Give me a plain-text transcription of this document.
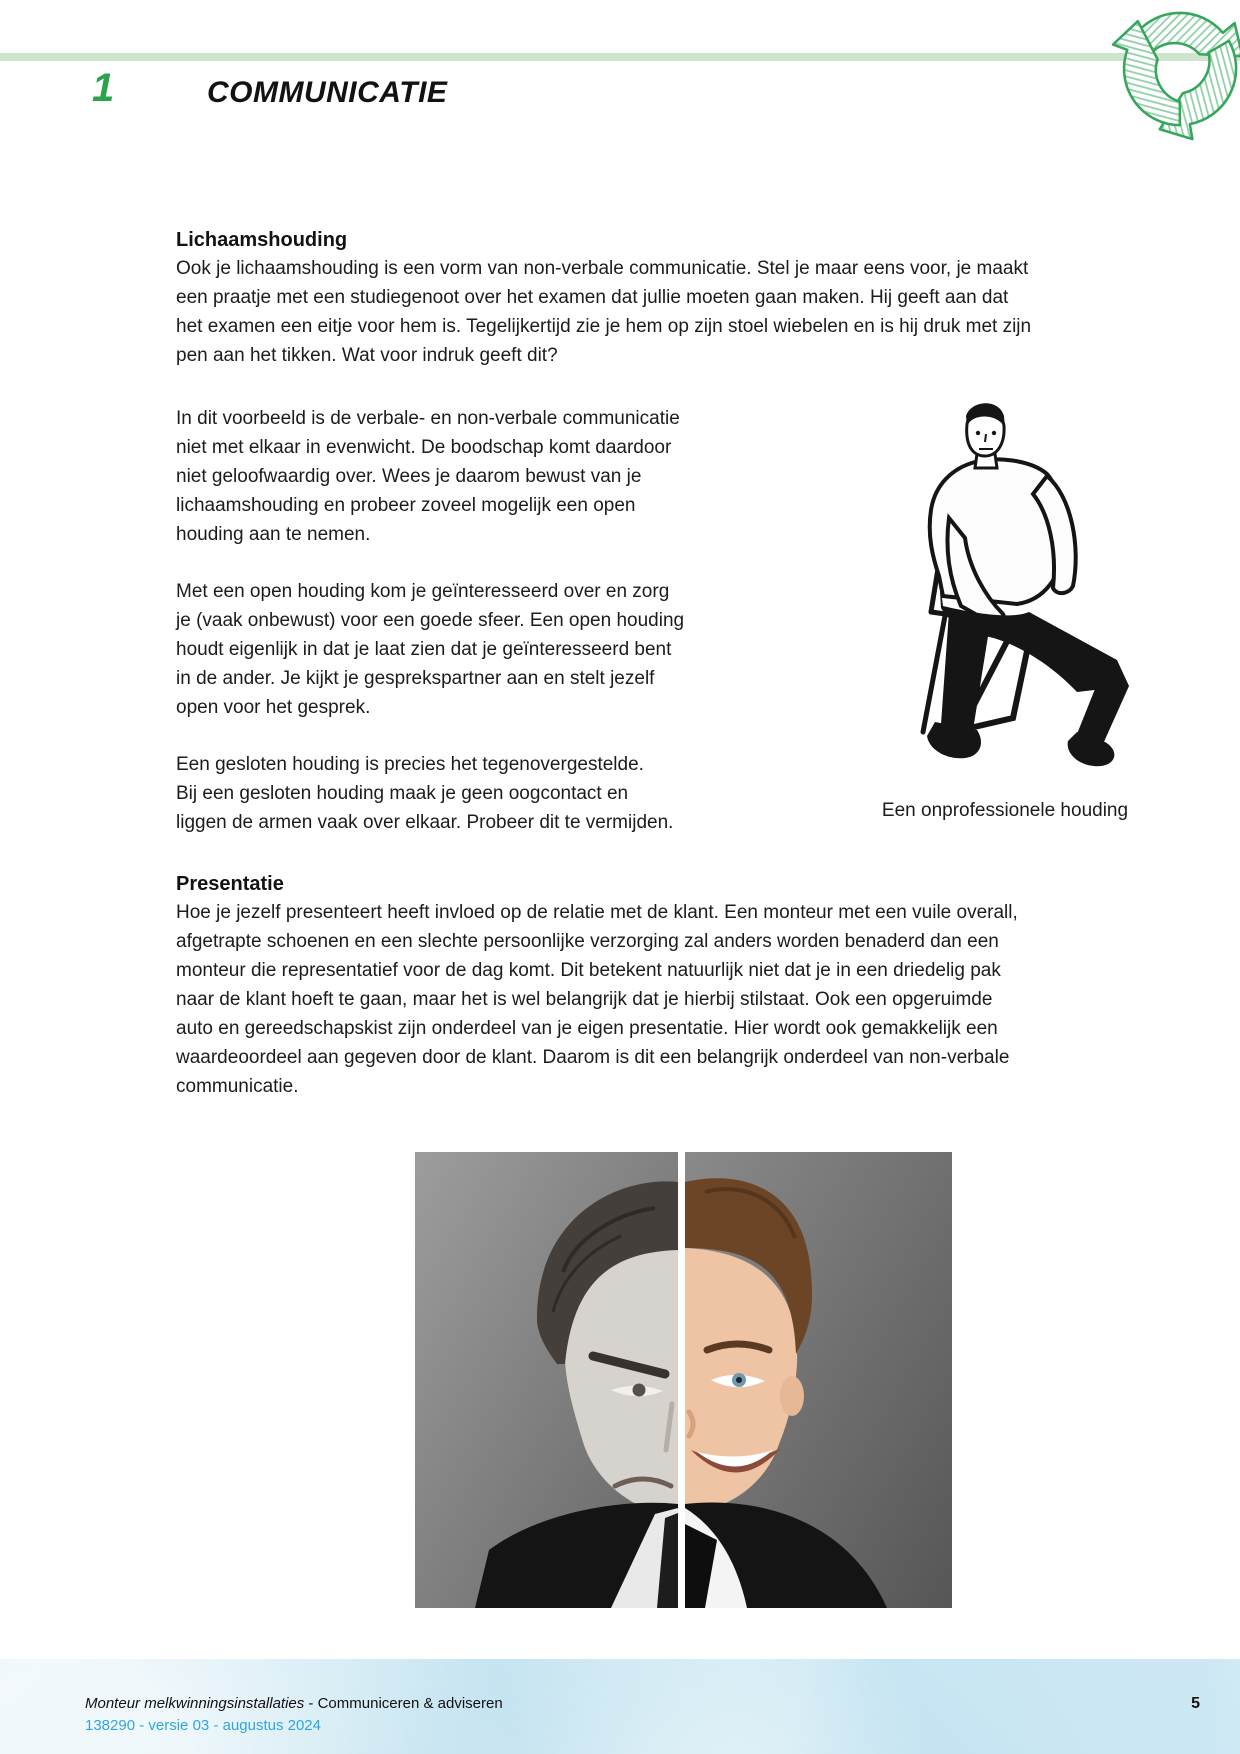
1	COMMUNICATIE
Lichaamshouding
Ook je lichaamshouding is een vorm van non-verbale communicatie. Stel je maar eens voor, je maakt
een praatje met een studiegenoot over het examen dat jullie moeten gaan maken. Hij geeft aan dat
het examen een eitje voor hem is. Tegelijkertijd zie je hem op zijn stoel wiebelen en is hij druk met zijn
pen aan het tikken. Wat voor indruk geeft dit?
In dit voorbeeld is de verbale- en non-verbale communicatie
niet met elkaar in evenwicht. De boodschap komt daardoor
niet geloofwaardig over. Wees je daarom bewust van je
lichaamshouding en probeer zoveel mogelijk een open
houding aan te nemen.
Met een open houding kom je geïnteresseerd over en zorg
je (vaak onbewust) voor een goede sfeer. Een open houding
houdt eigenlijk in dat je laat zien dat je geïnteresseerd bent
in de ander. Je kijkt je gesprekspartner aan en stelt jezelf
open voor het gesprek.
Een gesloten houding is precies het tegenovergestelde.
Bij een gesloten houding maak je geen oogcontact en
liggen de armen vaak over elkaar. Probeer dit te vermijden.
Een onprofessionele houding
Presentatie
Hoe je jezelf presenteert heeft invloed op de relatie met de klant. Een monteur met een vuile overall,
afgetrapte schoenen en een slechte persoonlijke verzorging zal anders worden benaderd dan een
monteur die representatief voor de dag komt. Dit betekent natuurlijk niet dat je in een driedelig pak
naar de klant hoeft te gaan, maar het is wel belangrijk dat je hierbij stilstaat. Ook een opgeruimde
auto en gereedschapskist zijn onderdeel van je eigen presentatie. Hier wordt ook gemakkelijk een
waardeoordeel aan gegeven door de klant. Daarom is dit een belangrijk onderdeel van non-verbale
communicatie.
Monteur melkwinningsinstallaties - Communiceren & adviseren
138290 - versie 03 - augustus 2024
5
